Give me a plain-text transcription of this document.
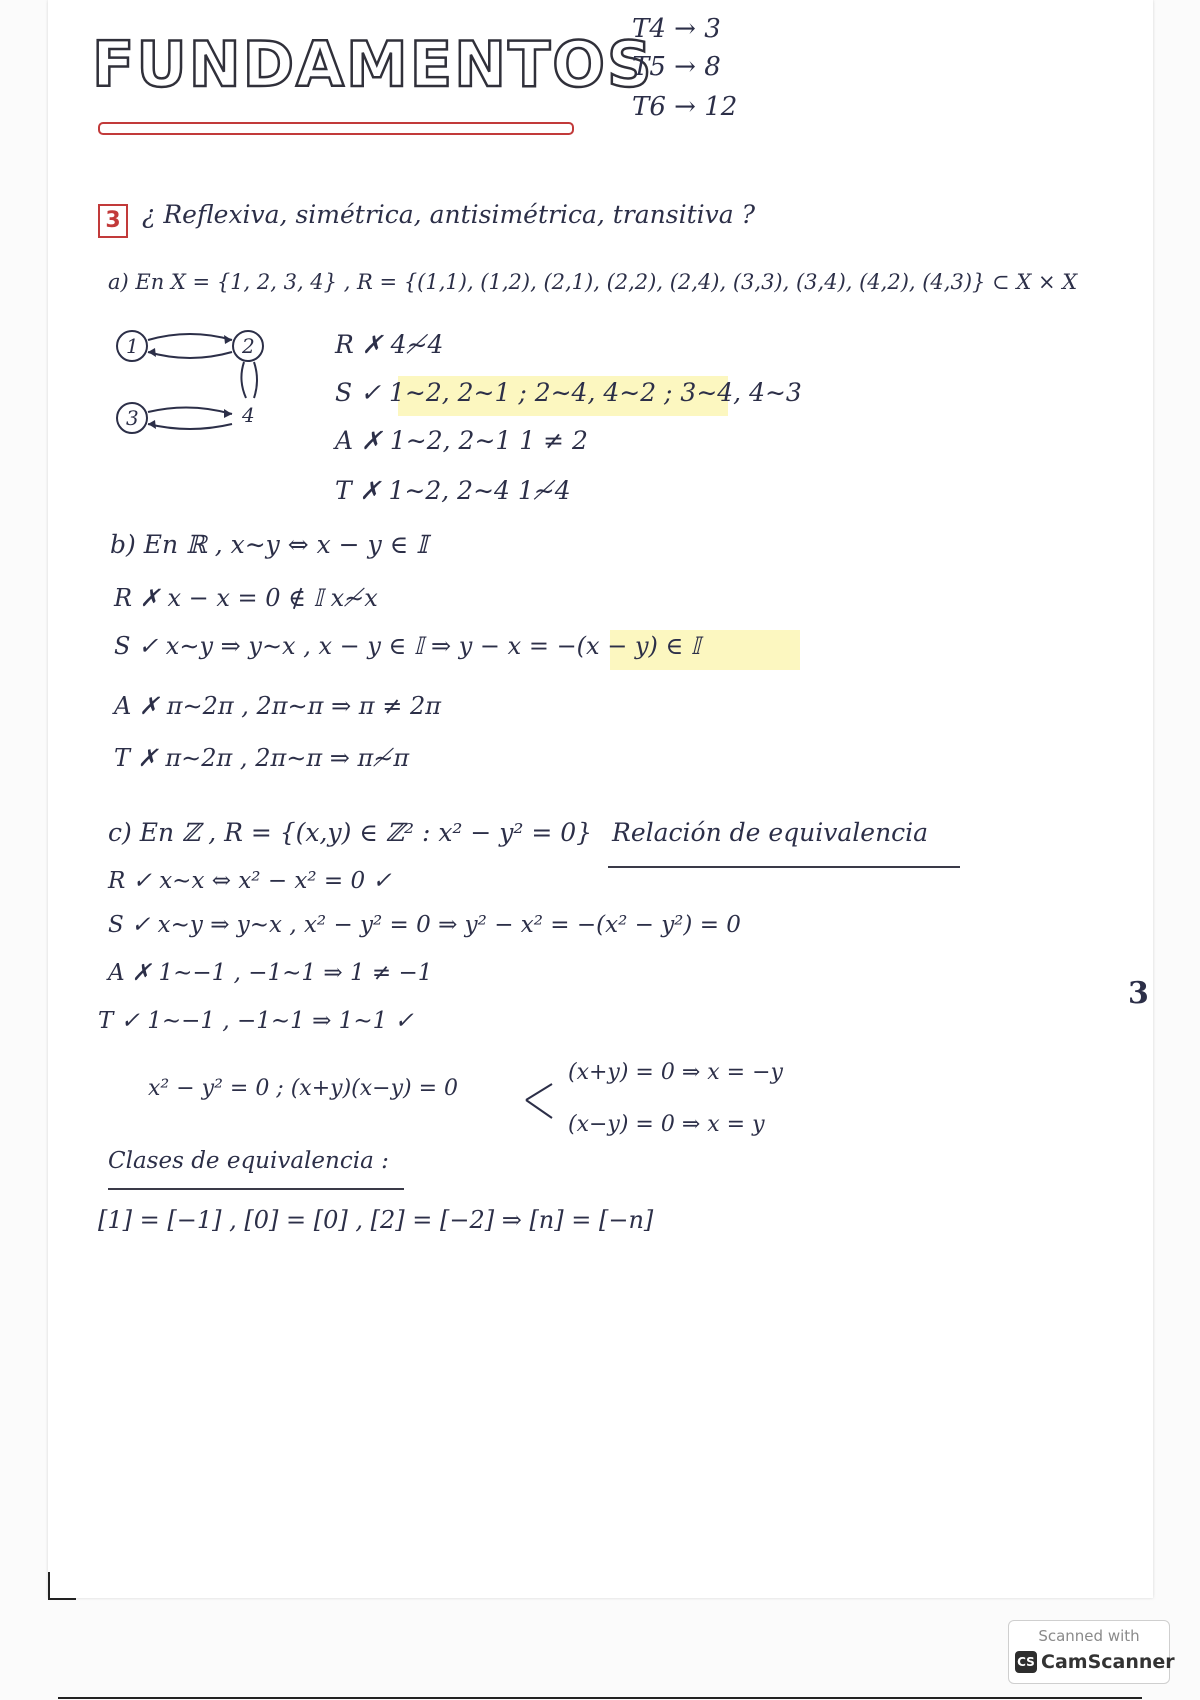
FUNDAMENTOS
T4 → 3
T5 → 8
T6 → 12
3 ¿ Reflexiva, simétrica, antisimétrica, transitiva ?
a) En X = {1, 2, 3, 4} , R = {(1,1), (1,2), (2,1), (2,2), (2,4), (3,3), (3,4), (4,2), (4,3)} ⊂ X × X
1	2
3	4
R ✗ 4≁4
S ✓ 1∼2, 2∼1 ; 2∼4, 4∼2 ; 3∼4, 4∼3
A ✗ 1∼2, 2∼1 1 ≠ 2
T ✗ 1∼2, 2∼4 1≁4
b) En ℝ , x∼y ⇔ x − y ∈ 𝕀
R ✗ x − x = 0 ∉ 𝕀 x≁x
S ✓ x∼y ⇒ y∼x , x − y ∈ 𝕀 ⇒ y − x = −(x − y) ∈ 𝕀
A ✗ π∼2π , 2π∼π ⇒ π ≠ 2π
T ✗ π∼2π , 2π∼π ⇒ π≁π
c) En ℤ , R = {(x,y) ∈ ℤ² : x² − y² = 0} Relación de equivalencia
R ✓ x∼x ⇔ x² − x² = 0 ✓
S ✓ x∼y ⇒ y∼x , x² − y² = 0 ⇒ y² − x² = −(x² − y²) = 0
A ✗ 1∼−1 , −1∼1 ⇒ 1 ≠ −1
T ✓ 1∼−1 , −1∼1 ⇒ 1∼1 ✓
x² − y² = 0 ; (x+y)(x−y) = 0
(x+y) = 0 ⇒ x = −y
(x−y) = 0 ⇒ x = y
Clases de equivalencia :
[1] = [−1] , [0] = [0] , [2] = [−2] ⇒ [n] = [−n]
3
Scanned with
CS CamScanner
